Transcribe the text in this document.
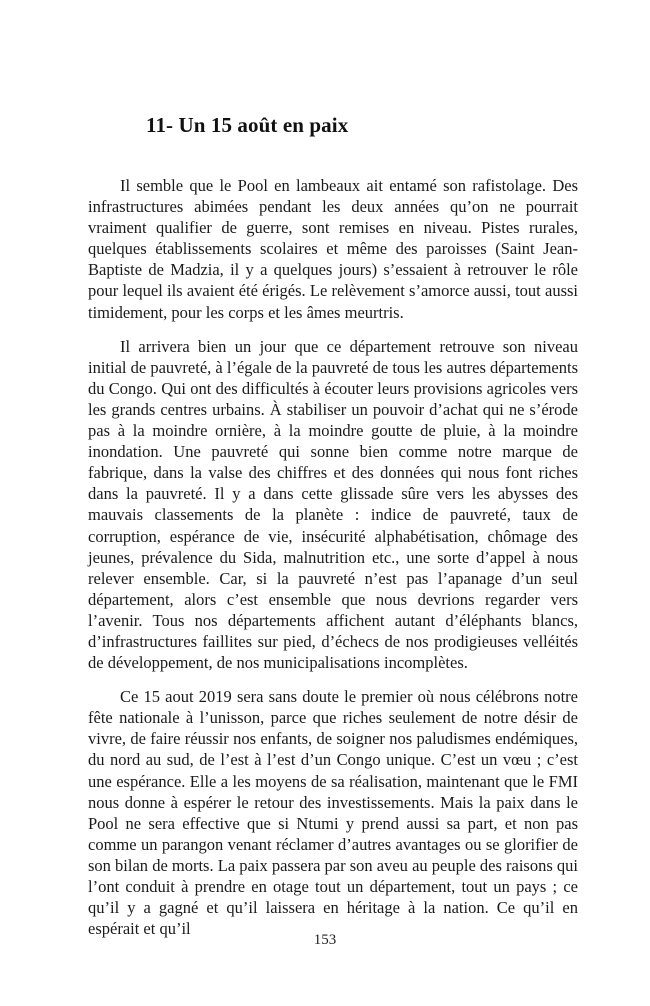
11- Un 15 août en paix

Il semble que le Pool en lambeaux ait entamé son rafistolage. Des infrastructures abimées pendant les deux années qu’on ne pourrait vraiment qualifier de guerre, sont remises en niveau. Pistes rurales, quelques établissements scolaires et même des paroisses (Saint Jean-Baptiste de Madzia, il y a quelques jours) s’essaient à retrouver le rôle pour lequel ils avaient été érigés. Le relèvement s’amorce aussi, tout aussi timidement, pour les corps et les âmes meurtris.

Il arrivera bien un jour que ce département retrouve son niveau initial de pauvreté, à l’égale de la pauvreté de tous les autres départements du Congo. Qui ont des difficultés à écouter leurs provisions agricoles vers les grands centres urbains. À stabiliser un pouvoir d’achat qui ne s’érode pas à la moindre ornière, à la moindre goutte de pluie, à la moindre inondation. Une pauvreté qui sonne bien comme notre marque de fabrique, dans la valse des chiffres et des données qui nous font riches dans la pauvreté. Il y a dans cette glissade sûre vers les abysses des mauvais classements de la planète : indice de pauvreté, taux de corruption, espérance de vie, insécurité alphabétisation, chômage des jeunes, prévalence du Sida, malnutrition etc., une sorte d’appel à nous relever ensemble. Car, si la pauvreté n’est pas l’apanage d’un seul département, alors c’est ensemble que nous devrions regarder vers l’avenir. Tous nos départements affichent autant d’éléphants blancs, d’infrastructures faillites sur pied, d’échecs de nos prodigieuses velléités de développement, de nos municipalisations incomplètes.

Ce 15 aout 2019 sera sans doute le premier où nous célébrons notre fête nationale à l’unisson, parce que riches seulement de notre désir de vivre, de faire réussir nos enfants, de soigner nos paludismes endémiques, du nord au sud, de l’est à l’est d’un Congo unique. C’est un vœu ; c’est une espérance. Elle a les moyens de sa réalisation, maintenant que le FMI nous donne à espérer le retour des investissements. Mais la paix dans le Pool ne sera effective que si Ntumi y prend aussi sa part, et non pas comme un parangon venant réclamer d’autres avantages ou se glorifier de son bilan de morts. La paix passera par son aveu au peuple des raisons qui l’ont conduit à prendre en otage tout un département, tout un pays ; ce qu’il y a gagné et qu’il laissera en héritage à la nation. Ce qu’il en espérait et qu’il

153
